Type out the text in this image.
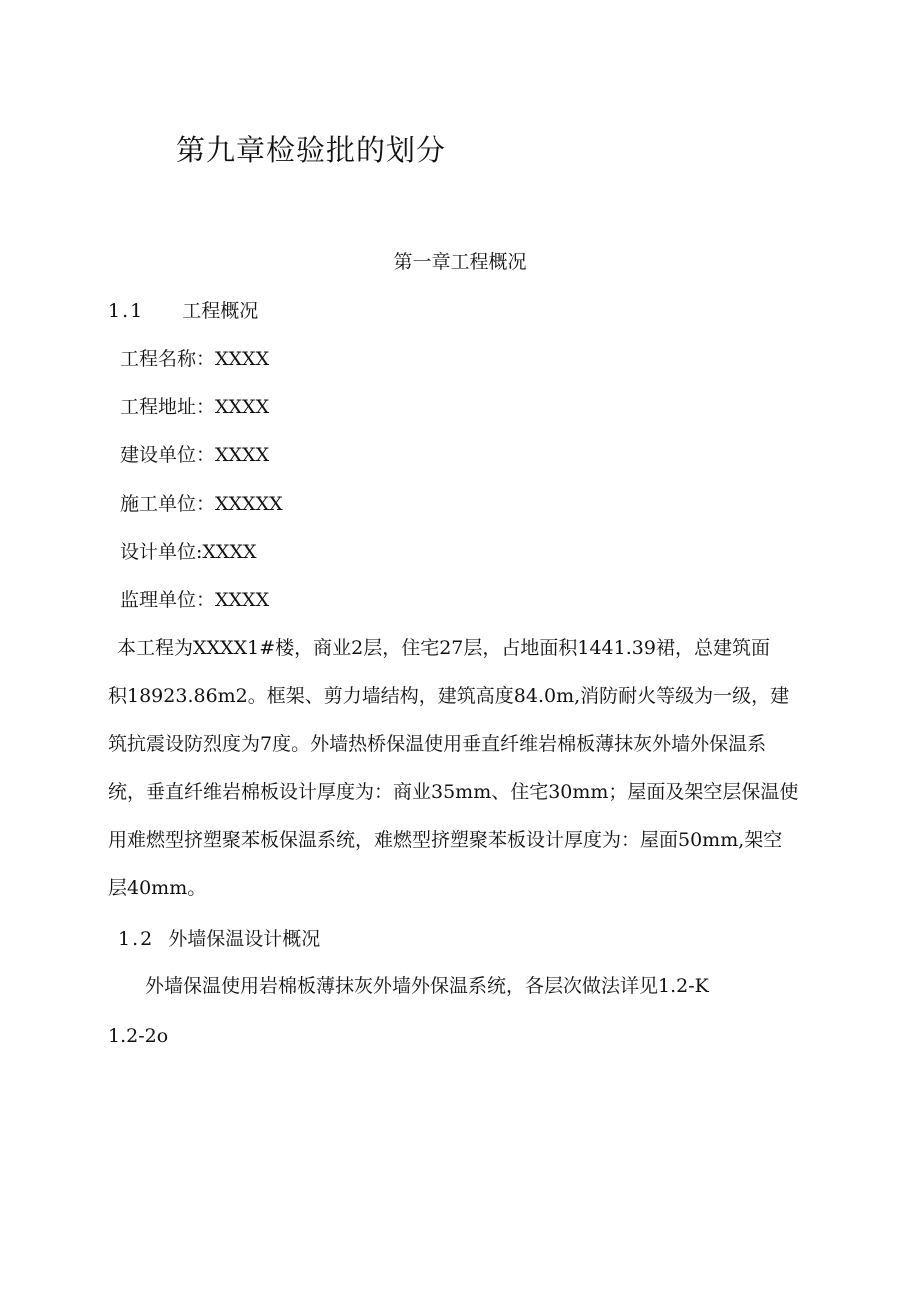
第九章检验批的划分
第一章工程概况
1.1 工程概况
工程名称：XXXX
工程地址：XXXX
建设单位：XXXX
施工单位：XXXXX
设计单位:XXXX
监理单位：XXXX
本工程为XXXX1#楼，商业2层，住宅27层，占地面积1441.39裙，总建筑面
积18923.86m2。框架、剪力墙结构，建筑高度84.0m,消防耐火等级为一级，建
筑抗震设防烈度为7度。外墙热桥保温使用垂直纤维岩棉板薄抹灰外墙外保温系
统，垂直纤维岩棉板设计厚度为：商业35mm、住宅30mm；屋面及架空层保温使
用难燃型挤塑聚苯板保温系统，难燃型挤塑聚苯板设计厚度为：屋面50mm,架空
层40mm。
1.2 外墙保温设计概况
外墙保温使用岩棉板薄抹灰外墙外保温系统，各层次做法详见1.2-K
1.2-2o
